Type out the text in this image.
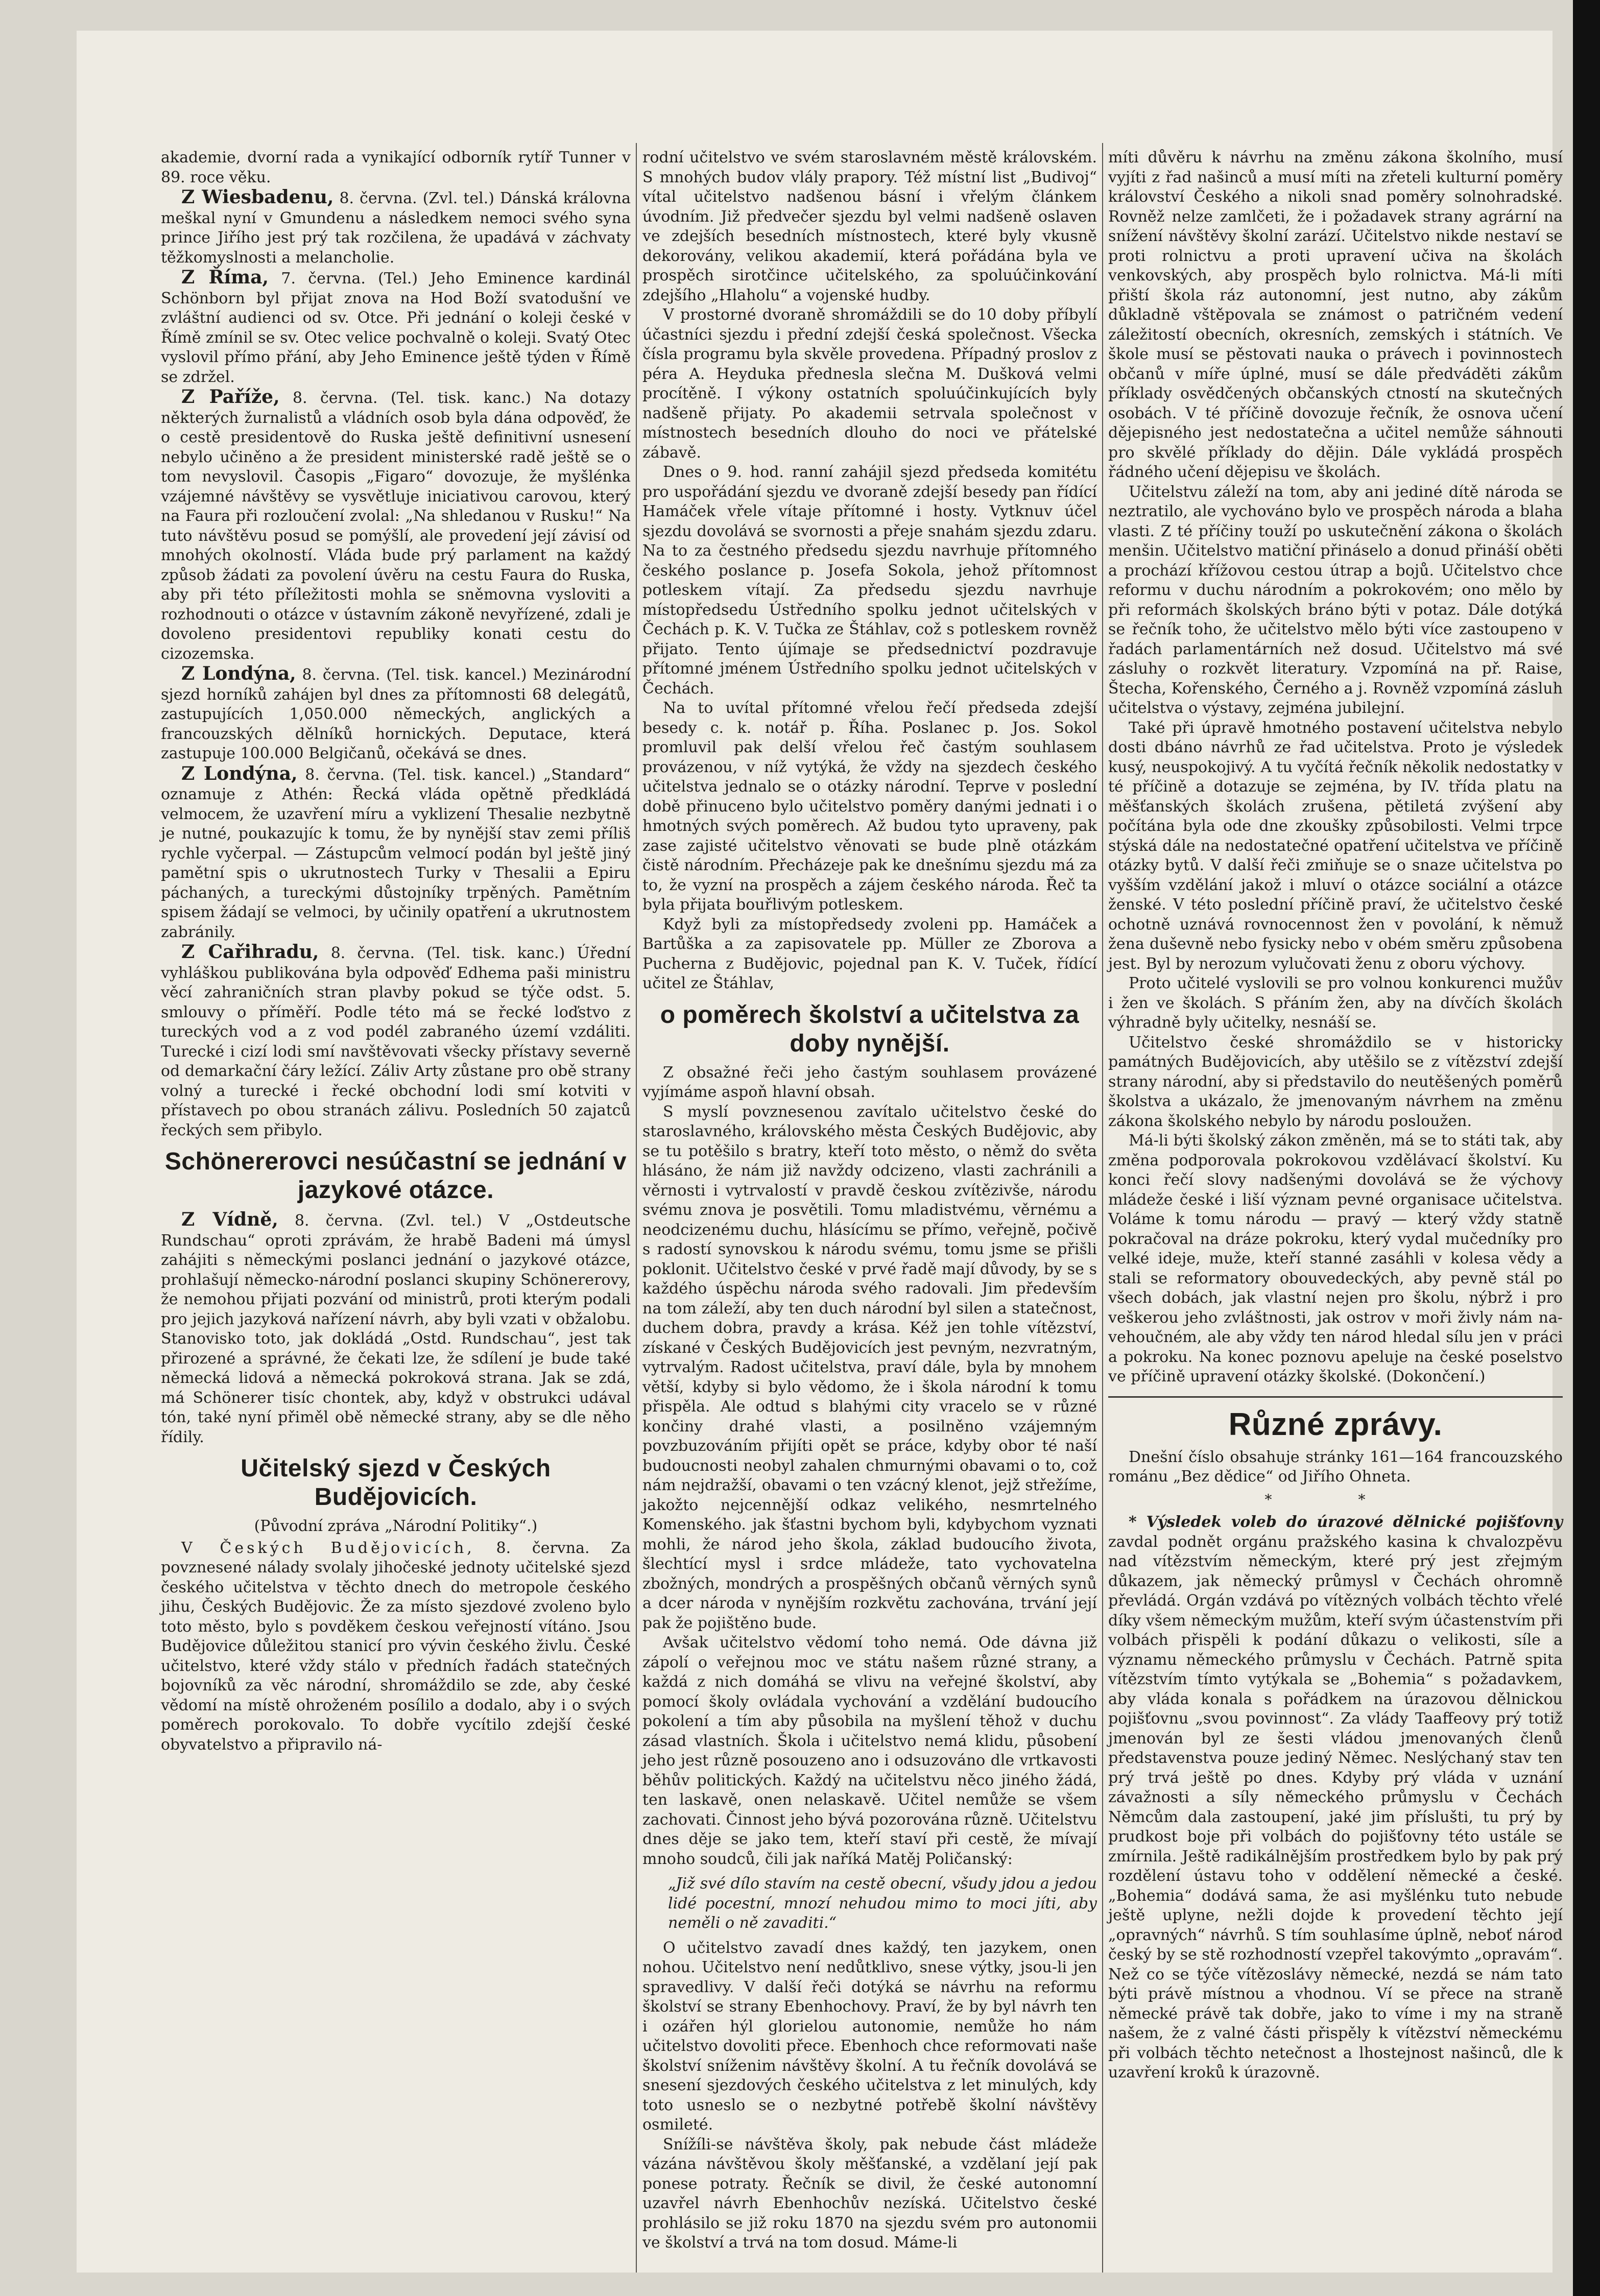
akademie, dvorní rada a vynikající odborník rytíř Tunner v 89. roce věku.

Z Wiesbadenu, 8. června. (Zvl. tel.) Dánská královna meškal nyní v Gmundenu a následkem nemoci svého syna prince Jiřího jest prý tak rozčilena, že upadává v záchvaty těžkomyslnosti a melancholie.

Z Říma, 7. června. (Tel.) Jeho Eminence kardinál Schönborn byl přijat znova na Hod Boží svatodušní ve zvláštní audienci od sv. Otce. Při jednání o koleji české v Římě zmínil se sv. Otec velice pochvalně o koleji. Svatý Otec vyslovil přímo přání, aby Jeho Eminence ještě týden v Římě se zdržel.

Z Paříže, 8. června. (Tel. tisk. kanc.) Na dotazy některých žurnalistů a vládních osob byla dána odpověď, že o cestě presidentově do Ruska ještě definitivní usnesení nebylo učiněno a že president ministerské radě ještě se o tom nevyslovil. Časopis „Figaro“ dovozuje, že myšlénka vzájemné návštěvy se vysvětluje iniciativou carovou, který na Faura při rozloučení zvolal: „Na shledanou v Rusku!“ Na tuto návštěvu posud se pomýšlí, ale provedení její závisí od mnohých okolností. Vláda bude prý parlament na každý způsob žádati za povolení úvěru na cestu Faura do Ruska, aby při této příležitosti mohla se sněmovna vysloviti a rozhodnouti o otázce v ústavním zákoně nevyřízené, zdali je dovoleno presidentovi republiky konati cestu do cizozemska.

Z Londýna, 8. června. (Tel. tisk. kancel.) Mezinárodní sjezd horníků zahájen byl dnes za přítomnosti 68 delegátů, zastupujících 1,050.000 německých, anglických a francouzských dělníků hornických. Deputace, která zastupuje 100.000 Belgičanů, očekává se dnes.

Z Londýna, 8. června. (Tel. tisk. kancel.) „Standard“ oznamuje z Athén: Řecká vláda opětně předkládá velmocem, že uzavření míru a vyklizení Thesalie nezbytně je nutné, poukazujíc k tomu, že by nynější stav zemi příliš rychle vyčerpal. — Zástupcům velmocí podán byl ještě jiný pamětní spis o ukrutnostech Turky v Thesalii a Epiru páchaných, a tureckými důstojníky trpěných. Pamětním spisem žádají se velmoci, by učinily opatření a ukrutnostem zabránily.

Z Cařihradu, 8. června. (Tel. tisk. kanc.) Úřední vyhláškou publikována byla odpověď Edhema paši ministru věcí zahraničních stran plavby pokud se týče odst. 5. smlouvy o příměří. Podle této má se řecké loďstvo z tureckých vod a z vod podél zabraného území vzdáliti. Turecké i cizí lodi smí navštěvovati všecky přístavy severně od demarkační čáry ležící. Záliv Arty zůstane pro obě strany volný a turecké i řecké obchodní lodi smí kotviti v přístavech po obou stranách zálivu. Posledních 50 zajatců řeckých sem přibylo.

Schönererovci nesúčastní se jednání v jazykové otázce.

Z Vídně, 8. června. (Zvl. tel.) V „Ostdeutsche Rundschau“ oproti zprávám, že hrabě Badeni má úmysl zahájiti s německými poslanci jednání o jazykové otázce, prohlašují německo-národní poslanci skupiny Schönererovy, že nemohou přijati pozvání od ministrů, proti kterým podali pro jejich jazyková nařízení návrh, aby byli vzati v obžalobu. Stanovisko toto, jak dokládá „Ostd. Rundschau“, jest tak přirozené a správné, že čekati lze, že sdílení je bude také německá lidová a německá pokroková strana. Jak se zdá, má Schönerer tisíc chontek, aby, když v obstrukci udával tón, také nyní přiměl obě německé strany, aby se dle něho řídily.

Učitelský sjezd v Českých Budějovicích.
(Původní zpráva „Národní Politiky“.)

V Českých Budějovicích, 8. června. Za povznesené nálady svolaly jihočeské jednoty učitelské sjezd českého učitelstva v těchto dnech do metropole českého jihu, Českých Budějovic. Že za místo sjezdové zvoleno bylo toto město, bylo s povděkem českou veřejností vítáno. Jsou Budějovice důležitou stanicí pro vývin českého živlu. České učitelstvo, které vždy stálo v předních řadách statečných bojovníků za věc národní, shromáždilo se zde, aby české vědomí na místě ohroženém posílilo a dodalo, aby i o svých poměrech porokovalo. To dobře vycítilo zdejší české obyvatelstvo a připravilo ná-

rodní učitelstvo ve svém staroslavném městě královském. S mnohých budov vlály prapory. Též místní list „Budivoj“ vítal učitelstvo nadšenou básní i vřelým článkem úvodním. Již předvečer sjezdu byl velmi nadšeně oslaven ve zdejších besedních místnostech, které byly vkusně dekorovány, velikou akademií, která pořádána byla ve prospěch sirotčince učitelského, za spoluúčinkování zdejšího „Hlaholu“ a vojenské hudby.

V prostorné dvoraně shromáždili se do 10 doby příbylí účastníci sjezdu i přední zdejší česká společnost. Všecka čísla programu byla skvěle provedena. Případný proslov z péra A. Heyduka přednesla slečna M. Dušková velmi procítěně. I výkony ostatních spoluúčinkujících byly nadšeně přijaty. Po akademii setrvala společnost v místnostech besedních dlouho do noci ve přátelské zábavě.

Dnes o 9. hod. ranní zahájil sjezd předseda komitétu pro uspořádání sjezdu ve dvoraně zdejší besedy pan řídící Hamáček vřele vítaje přítomné i hosty. Vytknuv účel sjezdu dovolává se svornosti a přeje snahám sjezdu zdaru. Na to za čestného předsedu sjezdu navrhuje přítomného českého poslance p. Josefa Sokola, jehož přítomnost potleskem vítají. Za předsedu sjezdu navrhuje místopředsedu Ústředního spolku jednot učitelských v Čechách p. K. V. Tučka ze Štáhlav, což s potleskem rovněž přijato. Tento újímaje se předsednictví pozdravuje přítomné jménem Ústředního spolku jednot učitelských v Čechách.

Na to uvítal přítomné vřelou řečí předseda zdejší besedy c. k. notář p. Říha. Poslanec p. Jos. Sokol promluvil pak delší vřelou řeč častým souhlasem provázenou, v níž vytýká, že vždy na sjezdech českého učitelstva jednalo se o otázky národní. Teprve v poslední době přinuceno bylo učitelstvo poměry danými jednati i o hmotných svých poměrech. Až budou tyto upraveny, pak zase zajisté učitelstvo věnovati se bude plně otázkám čistě národním. Přecházeje pak ke dnešnímu sjezdu má za to, že vyzní na prospěch a zájem českého národa. Řeč ta byla přijata bouřlivým potleskem.

Když byli za místopředsedy zvoleni pp. Hamáček a Bartůška a za zapisovatele pp. Müller ze Zborova a Pucherna z Budějovic, pojednal pan K. V. Tuček, řídící učitel ze Štáhlav,

o poměrech školství a učitelstva za doby nynější.

Z obsažné řeči jeho častým souhlasem provázené vyjímáme aspoň hlavní obsah.

S myslí povznesenou zavítalo učitelstvo české do staroslavného, královského města Českých Budějovic, aby se tu potěšilo s bratry, kteří toto město, o němž do světa hlásáno, že nám již navždy odcizeno, vlasti zachránili a věrnosti i vytrvalostí v pravdě českou zvítězivše, národu svému znova je posvětili. Tomu mladistvému, věrnému a neodcizenému duchu, hlásícímu se přímo, veřejně, počivě s radostí synovskou k národu svému, tomu jsme se přišli poklonit. Učitelstvo české v prvé řadě mají důvody, by se s každého úspěchu národa svého radovali. Jim především na tom záleží, aby ten duch národní byl silen a statečnost, duchem dobra, pravdy a krása. Kéž jen tohle vítězství, získané v Českých Budějovicích jest pevným, nezvratným, vytrvalým. Radost učitelstva, praví dále, byla by mnohem větší, kdyby si bylo vědomo, že i škola národní k tomu přispěla. Ale odtud s blahými city vracelo se v různé končiny drahé vlasti, a posilněno vzájemným povzbuzováním přijíti opět se práce, kdyby obor té naší budoucnosti neobyl zahalen chmurnými obavami o to, což nám nejdražší, obavami o ten vzácný klenot, jejž střežíme, jakožto nejcennější odkaz velikého, nesmrtelného Komenského. jak šťastni bychom byli, kdybychom vyznati mohli, že národ jeho škola, základ budoucího života, šlechtící mysl i srdce mládeže, tato vychovatelna zbožných, mondrých a prospěšných občanů věrných synů a dcer národa v nynějším rozkvětu zachována, trvání její pak že pojištěno bude.

Avšak učitelstvo vědomí toho nemá. Ode dávna již zápolí o veřejnou moc ve státu našem různé strany, a každá z nich domáhá se vlivu na veřejné školství, aby pomocí školy ovládala vychování a vzdělání budoucího pokolení a tím aby působila na myšlení těhož v duchu zásad vlastních. Škola i učitelstvo nemá klidu, působení jeho jest různě posouzeno ano i odsuzováno dle vrtkavosti běhův politických. Každý na učitelstvu něco jiného žádá, ten laskavě, onen nelaskavě. Učitel nemůže se všem zachovati. Činnost jeho bývá pozorována různě. Učitelstvu dnes děje se jako tem, kteří staví při cestě, že mívají mnoho soudců, čili jak naříká Matěj Poličanský:

„Již své dílo stavím na cestě obecní, všudy jdou a jedou lidé pocestní, mnozí nehudou mimo to moci jíti, aby neměli o ně zavaditi.“

O učitelstvo zavadí dnes každý, ten jazykem, onen nohou. Učitelstvo není nedůtklivo, snese výtky, jsou-li jen spravedlivy. V další řeči dotýká se návrhu na reformu školství se strany Ebenhochovy. Praví, že by byl návrh ten i ozářen hýl glorielou autonomie, nemůže ho nám učitelstvo dovoliti přece. Ebenhoch chce reformovati naše školství sníženim návštěvy školní. A tu řečník dovolává se snesení sjezdových českého učitelstva z let minulých, kdy toto usneslo se o nezbytné potřebě školní návštěvy osmileté.

Snížíli-se návštěva školy, pak nebude část mládeže vázána návštěvou školy měšťanské, a vzdělaní její pak ponese potraty. Řečník se divil, že české autonomní uzavřel návrh Ebenhochův nezíská. Učitelstvo české prohlásilo se již roku 1870 na sjezdu svém pro autonomii ve školství a trvá na tom dosud. Máme-li

míti důvěru k návrhu na změnu zákona školního, musí vyjíti z řad našinců a musí míti na zřeteli kulturní poměry království Českého a nikoli snad poměry solnohradské. Rovněž nelze zamlčeti, že i požadavek strany agrární na snížení návštěvy školní zarází. Učitelstvo nikde nestaví se proti rolnictvu a proti upravení učiva na školách venkovských, aby prospěch bylo rolnictva. Má-li míti přiští škola ráz autonomní, jest nutno, aby zákům důkladně vštěpovala se známost o patričném vedení záležitostí obecních, okresních, zemských i státních. Ve škole musí se pěstovati nauka o právech i povinnostech občanů v míře úplné, musí se dále předváděti zákům příklady osvědčených občanských ctností na skutečných osobách. V té příčině dovozuje řečník, že osnova učení dějepisného jest nedostatečna a učitel nemůže sáhnouti pro skvělé příklady do dějin. Dále vykládá prospěch řádného učení dějepisu ve školách.

Učitelstvu záleží na tom, aby ani jediné dítě národa se neztratilo, ale vychováno bylo ve prospěch národa a blaha vlasti. Z té příčiny touží po uskutečnění zákona o školách menšin. Učitelstvo matiční přináselo a donud přináší oběti a prochází křížovou cestou útrap a bojů. Učitelstvo chce reformu v duchu národním a pokrokovém; ono mělo by při reformách školských bráno býti v potaz. Dále dotýká se řečník toho, že učitelstvo mělo býti více zastoupeno v řadách parlamentárních než dosud. Učitelstvo má své zásluhy o rozkvět literatury. Vzpomíná na př. Raise, Štecha, Kořenského, Černého a j. Rovněž vzpomíná zásluh učitelstva o výstavy, zejména jubilejní.

Také při úpravě hmotného postavení učitelstva nebylo dosti dbáno návrhů ze řad učitelstva. Proto je výsledek kusý, neuspokojivý. A tu vyčítá řečník několik nedostatky v té příčině a dotazuje se zejména, by IV. třída platu na měšťanských školách zrušena, pětiletá zvýšení aby počítána byla ode dne zkoušky způsobilosti. Velmi trpce stýská dále na nedostatečné opatření učitelstva ve příčině otázky bytů. V další řeči zmiňuje se o snaze učitelstva po vyšším vzdělání jakož i mluví o otázce sociální a otázce ženské. V této poslední příčině praví, že učitelstvo české ochotně uznává rovnocennost žen v povolání, k němuž žena duševně nebo fysicky nebo v obém směru způsobena jest. Byl by nerozum vylučovati ženu z oboru výchovy.

Proto učitelé vyslovili se pro volnou konkurenci mužův i žen ve školách. S přáním žen, aby na dívčích školách výhradně byly učitelky, nesnáší se.

Učitelstvo české shromáždilo se v historicky památných Budějovicích, aby utěšilo se z vítězství zdejší strany národní, aby si představilo do neutěšených poměrů školstva a ukázalo, že jmenovaným návrhem na změnu zákona školského nebylo by národu posloužen.

Má-li býti školský zákon změněn, má se to státi tak, aby změna podporovala pokrokovou vzdělávací školství. Ku konci řečí slovy nadšenými dovolává se že výchovy mládeže české i liší význam pevné organisace učitelstva. Voláme k tomu národu — pravý — který vždy statně pokračoval na dráze pokroku, který vydal mučedníky pro velké ideje, muže, kteří stanné zasáhli v kolesa vědy a stali se reformatory obouvedeckých, aby pevně stál po všech dobách, jak vlastní nejen pro školu, nýbrž i pro veškerou jeho zvláštnosti, jak ostrov v moři živly nám navehoučném, ale aby vždy ten národ hledal sílu jen v práci a pokroku. Na konec poznovu apeluje na české poselstvo ve příčině upravení otázky školské. (Dokončení.)

Různé zprávy.

Dnešní číslo obsahuje stránky 161—164 francouzského románu „Bez dědice“ od Jiřího Ohneta.

* *

* Výsledek voleb do úrazové dělnické pojišťovny zavdal podnět orgánu pražského kasina k chvalozpěvu nad vítězstvím německým, které prý jest zřejmým důkazem, jak německý průmysl v Čechách ohromně převládá. Orgán vzdává po vítězných volbách těchto vřelé díky všem německým mužům, kteří svým účastenstvím při volbách přispěli k podání důkazu o velikosti, síle a významu německého průmyslu v Čechách. Patrně spita vítězstvím tímto vytýkala se „Bohemia“ s požadavkem, aby vláda konala s pořádkem na úrazovou dělnickou pojišťovnu „svou povinnost“. Za vlády Taaffeovy prý totiž jmenován byl ze šesti vládou jmenovaných členů představenstva pouze jediný Němec. Neslýchaný stav ten prý trvá ještě po dnes. Kdyby prý vláda v uznání závažnosti a síly německého průmyslu v Čechách Němcům dala zastoupení, jaké jim příslušti, tu prý by prudkost boje při volbách do pojišťovny této ustále se zmírnila. Ještě radikálnějším prostředkem bylo by pak prý rozdělení ústavu toho v oddělení německé a české. „Bohemia“ dodává sama, že asi myšlénku tuto nebude ještě uplyne, nežli dojde k provedení těchto její „opravných“ návrhů. S tím souhlasíme úplně, neboť národ český by se stě rozhodností vzepřel takovýmto „opravám“. Než co se týče vítězoslávy německé, nezdá se nám tato býti právě místnou a vhodnou. Ví se přece na straně německé právě tak dobře, jako to víme i my na straně našem, že z valné části přispěly k vítězství německému při volbách těchto netečnost a lhostejnost našinců, dle k uzavření kroků k úrazovně.
